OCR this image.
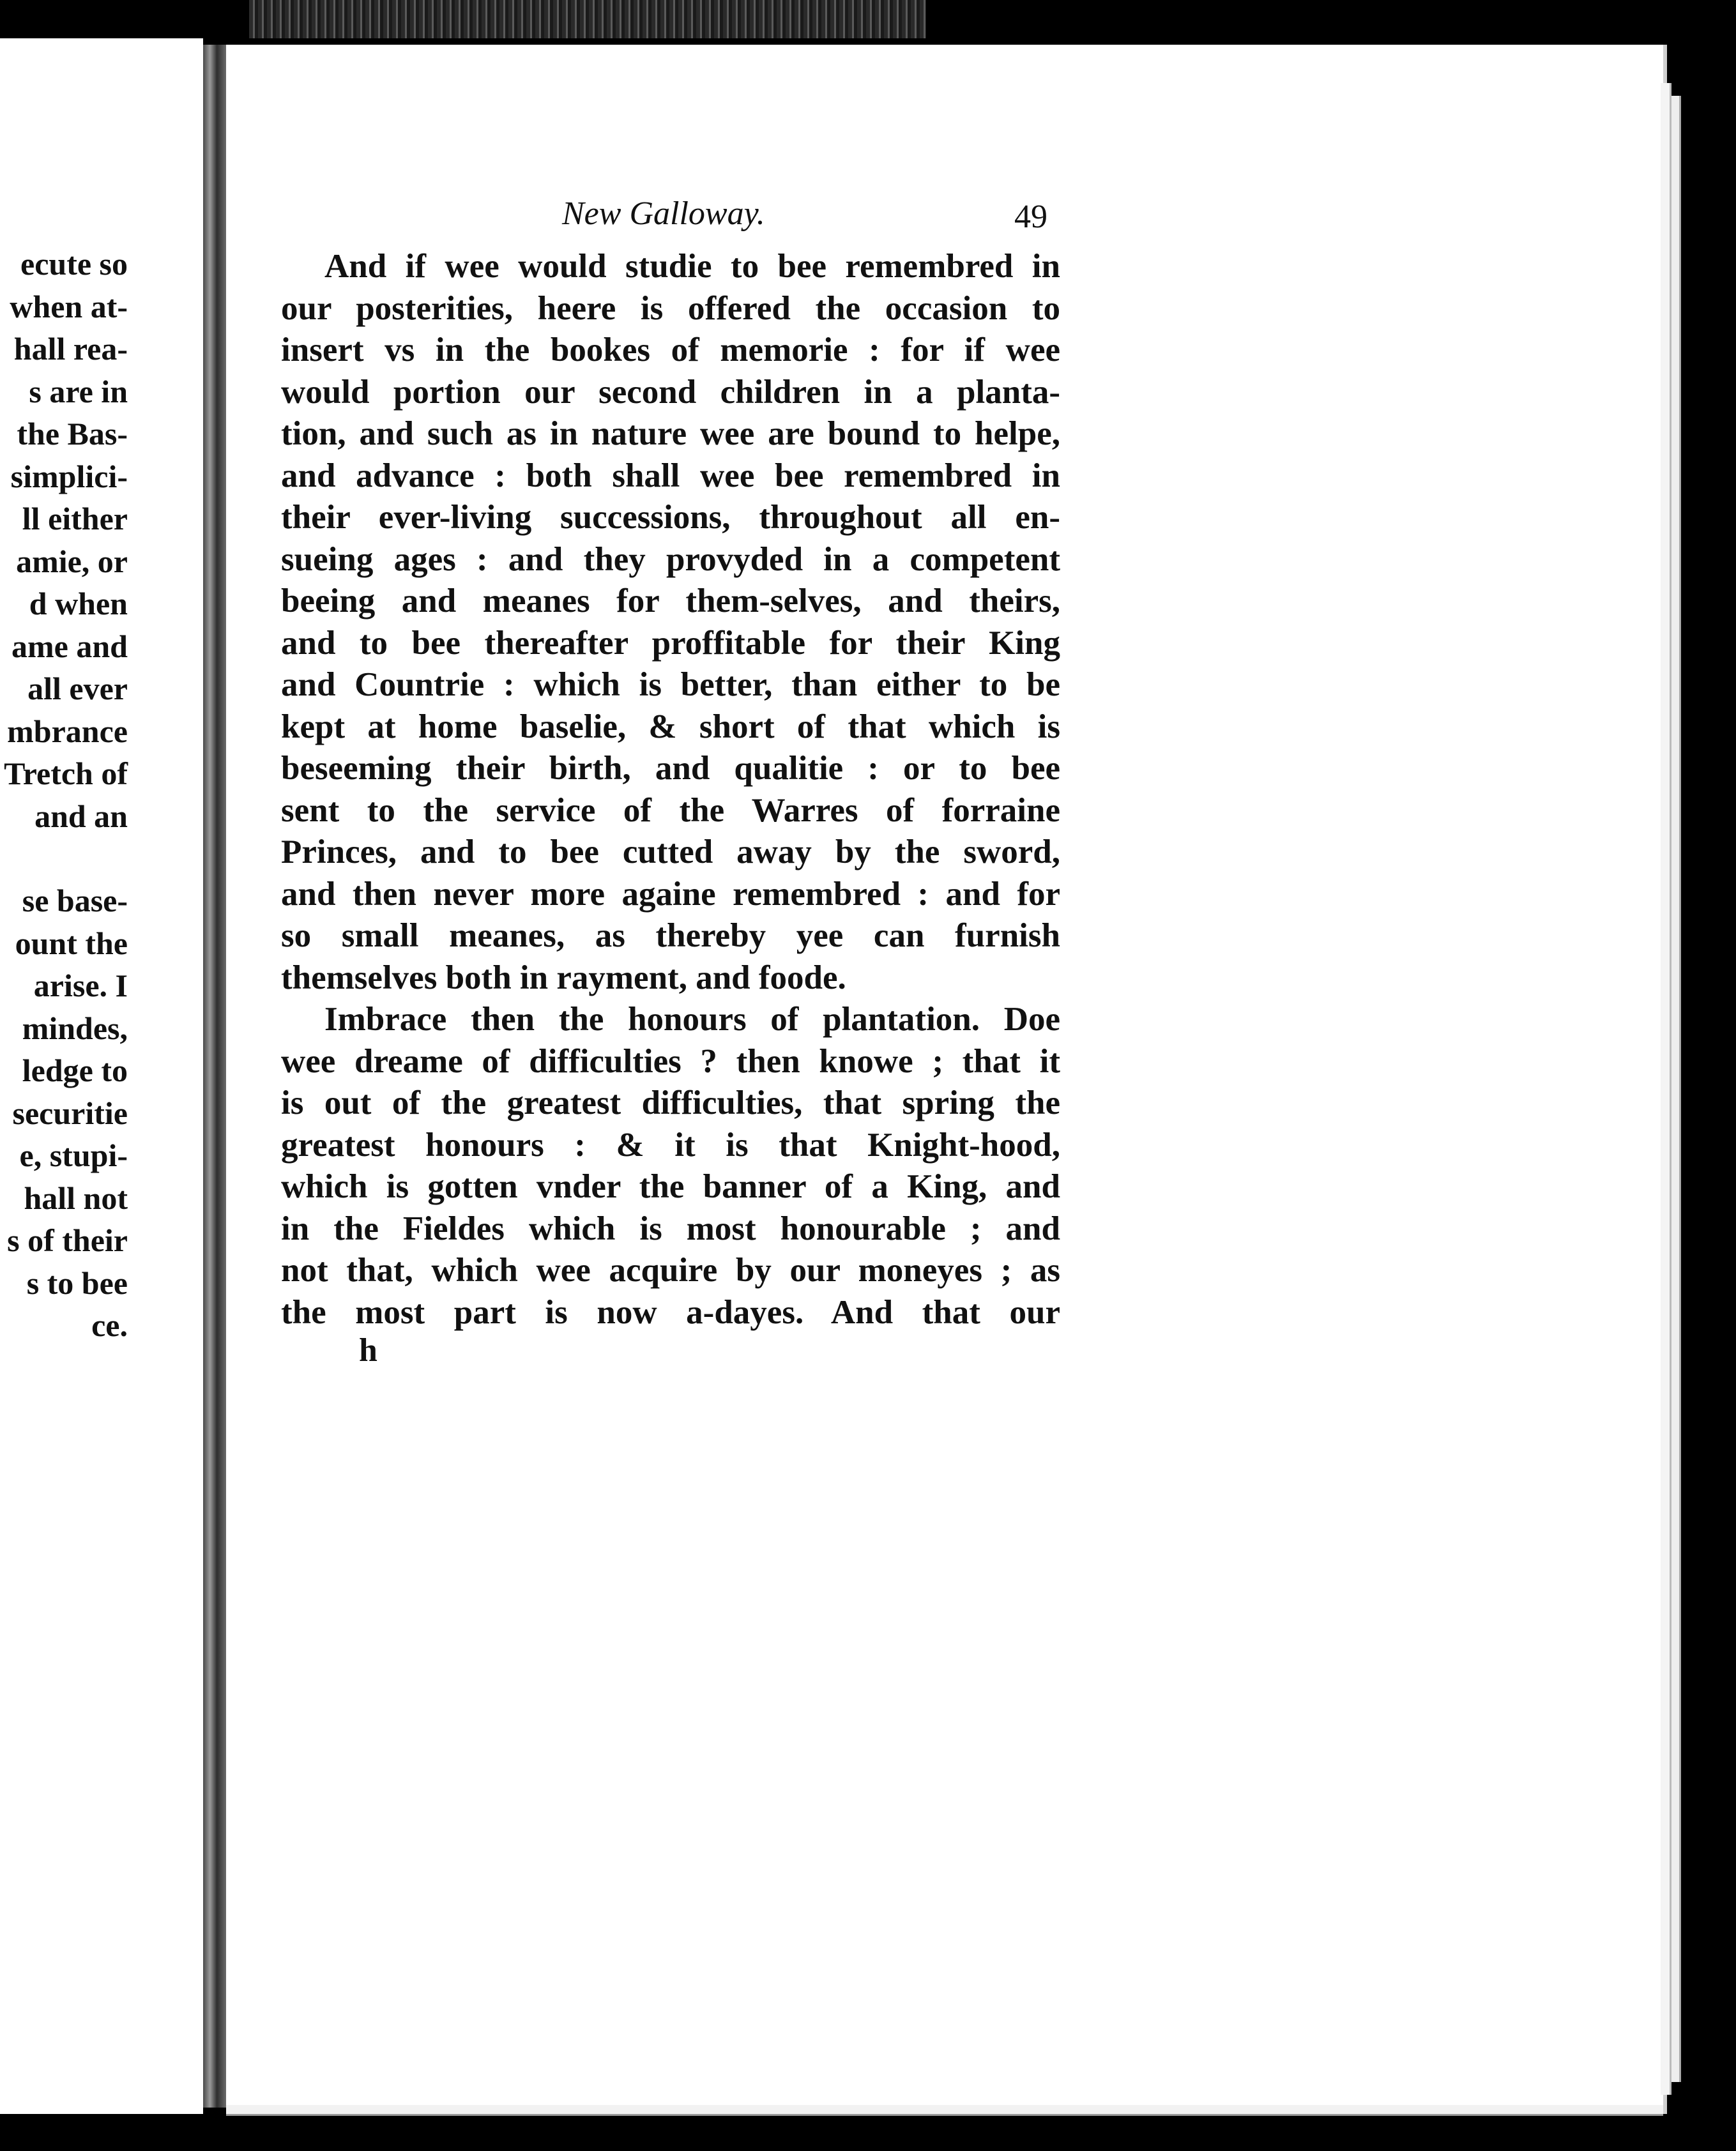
ecute so
when at-
hall rea-
s are in
the Bas-
simplici-
ll either
amie, or
d when
ame and
all ever
mbrance
Tretch of
and an

se base-
ount the
arise. I
mindes,
ledge to
securitie
e, stupi-
hall not
s of their
s to bee
ce.
New Galloway.	49
And if wee would studie to bee remembred in
our posterities, heere is offered the occasion to
insert vs in the bookes of memorie : for if wee
would portion our second children in a planta-
tion, and such as in nature wee are bound to helpe,
and advance : both shall wee bee remembred in
their ever-living successions, throughout all en-
sueing ages : and they provyded in a competent
beeing and meanes for them-selves, and theirs,
and to bee thereafter proffitable for their King
and Countrie : which is better, than either to be
kept at home baselie, & short of that which is
beseeming their birth, and qualitie : or to bee
sent to the service of the Warres of forraine
Princes, and to bee cutted away by the sword,
and then never more againe remembred : and for
so small meanes, as thereby yee can furnish
themselves both in rayment, and foode.
Imbrace then the honours of plantation. Doe
wee dreame of difficulties ? then knowe ; that it
is out of the greatest difficulties, that spring the
greatest honours : & it is that Knight-hood,
which is gotten vnder the banner of a King, and
in the Fieldes which is most honourable ; and
not that, which wee acquire by our moneyes ; as
the most part is now a-dayes. And that our
h
